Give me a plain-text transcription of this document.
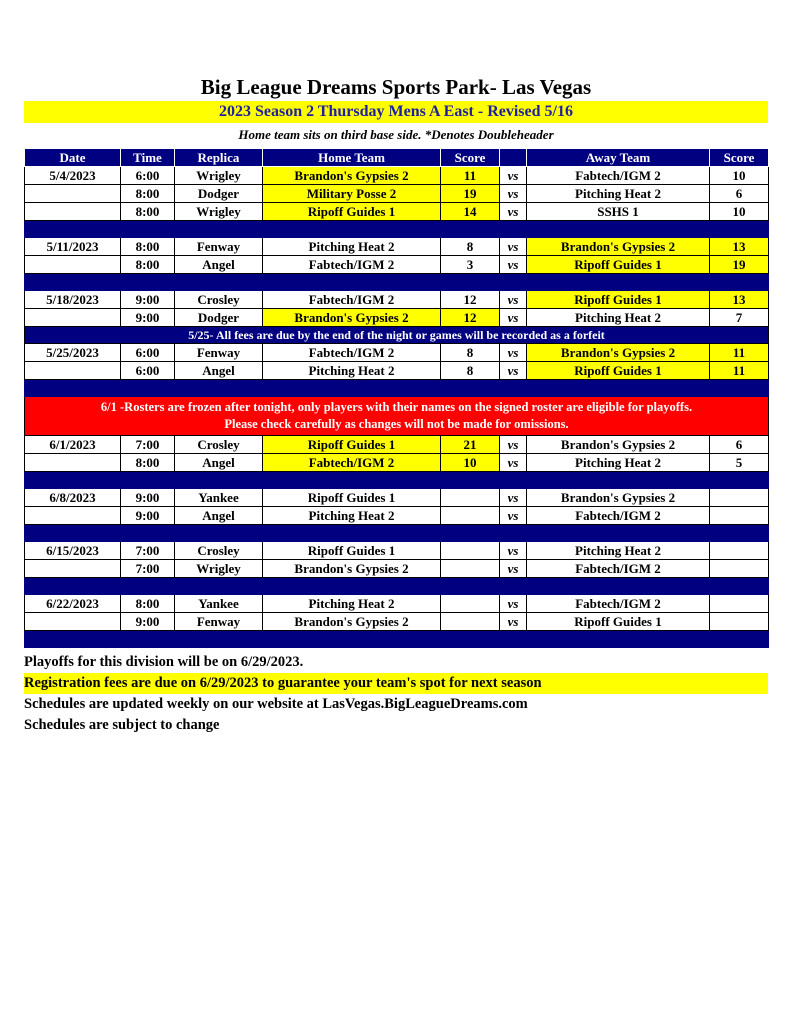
Big League Dreams Sports Park- Las Vegas
2023 Season 2 Thursday Mens A East - Revised 5/16
Home team sits on third base side. *Denotes Doubleheader
Date	Time	Replica	Home Team	Score		Away Team	Score
5/4/2023	6:00	Wrigley	Brandon's Gypsies 2	11	vs	Fabtech/IGM 2	10
	8:00	Dodger	Military Posse 2	19	vs	Pitching Heat 2	6
	8:00	Wrigley	Ripoff Guides 1	14	vs	SSHS 1	10

5/11/2023	8:00	Fenway	Pitching Heat 2	8	vs	Brandon's Gypsies 2	13
	8:00	Angel	Fabtech/IGM 2	3	vs	Ripoff Guides 1	19

5/18/2023	9:00	Crosley	Fabtech/IGM 2	12	vs	Ripoff Guides 1	13
	9:00	Dodger	Brandon's Gypsies 2	12	vs	Pitching Heat 2	7
5/25- All fees are due by the end of the night or games will be recorded as a forfeit							
5/25/2023	6:00	Fenway	Fabtech/IGM 2	8	vs	Brandon's Gypsies 2	11
	6:00	Angel	Pitching Heat 2	8	vs	Ripoff Guides 1	11

6/1 -Rosters are frozen after tonight, only players with their names on the signed roster are eligible for playoffs.
Please check carefully as changes will not be made for omissions.							

6/1/2023	7:00	Crosley	Ripoff Guides 1	21	vs	Brandon's Gypsies 2	6
	8:00	Angel	Fabtech/IGM 2	10	vs	Pitching Heat 2	5

6/8/2023	9:00	Yankee	Ripoff Guides 1		vs	Brandon's Gypsies 2	
	9:00	Angel	Pitching Heat 2		vs	Fabtech/IGM 2	

6/15/2023	7:00	Crosley	Ripoff Guides 1		vs	Pitching Heat 2	
	7:00	Wrigley	Brandon's Gypsies 2		vs	Fabtech/IGM 2	

6/22/2023	8:00	Yankee	Pitching Heat 2		vs	Fabtech/IGM 2	
	9:00	Fenway	Brandon's Gypsies 2		vs	Ripoff Guides 1	

Playoffs for this division will be on 6/29/2023.
Registration fees are due on 6/29/2023 to guarantee your team's spot for next season
Schedules are updated weekly on our website at LasVegas.BigLeagueDreams.com
Schedules are subject to change
